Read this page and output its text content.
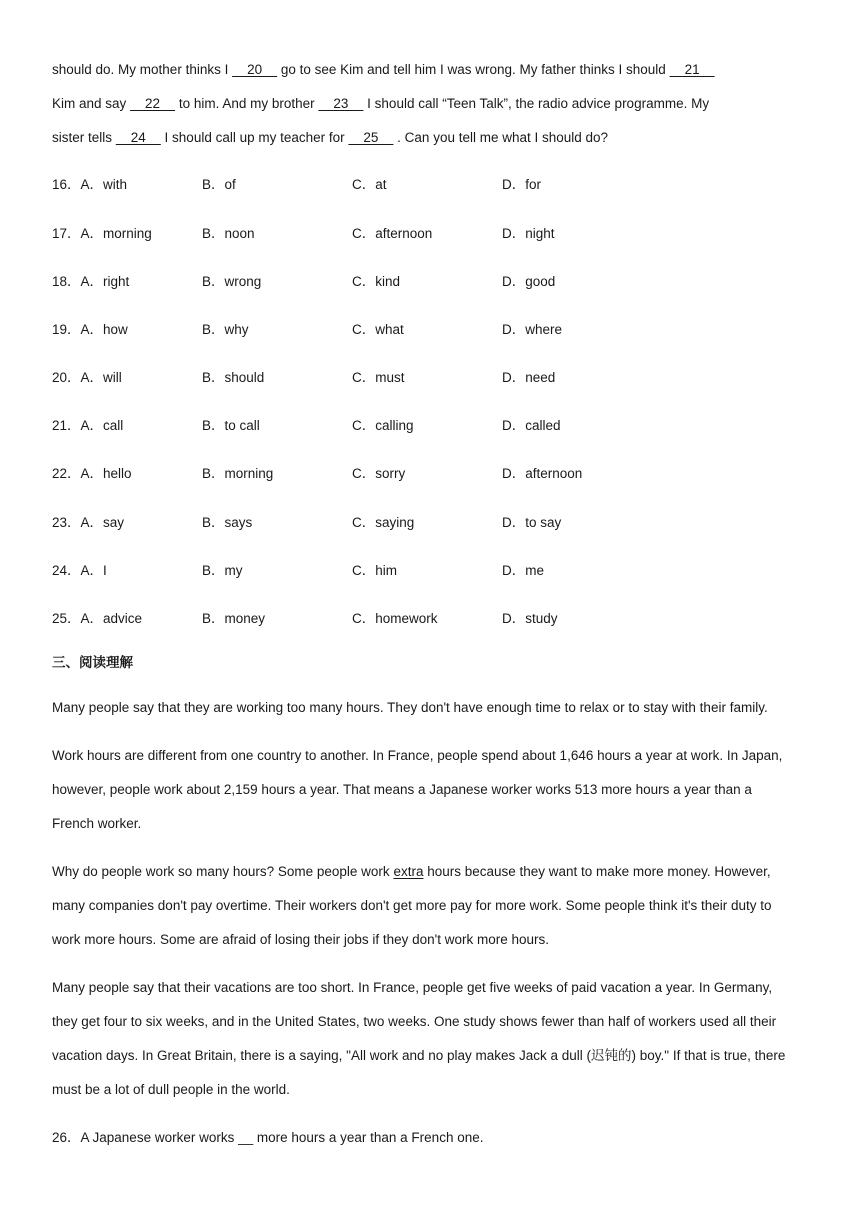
should do. My mother thinks I     20     go to see Kim and tell him I was wrong. My father thinks I should     21
Kim and say     22     to him. And my brother     23     I should call “Teen Talk”, the radio advice programme. My
sister tells     24     I should call up my teacher for     25     . Can you tell me what I should do?
16．A．with	B．of	C．at	D．for
17．A．morning	B．noon	C．afternoon	D．night
18．A．right	B．wrong	C．kind	D．good
19．A．how	B．why	C．what	D．where
20．A．will	B．should	C．must	D．need
21．A．call	B．to call	C．calling	D．called
22．A．hello	B．morning	C．sorry	D．afternoon
23．A．say	B．says	C．saying	D．to say
24．A．I	B．my	C．him	D．me
25．A．advice	B．money	C．homework	D．study
三、阅读理解
Many people say that they are working too many hours. They don't have enough time to relax or to stay with their family.
Work hours are different from one country to another. In France, people spend about 1,646 hours a year at work. In Japan,
however, people work about 2,159 hours a year. That means a Japanese worker works 513 more hours a year than a
French worker.
Why do people work so many hours? Some people work extra hours because they want to make more money. However,
many companies don't pay overtime. Their workers don't get more pay for more work. Some people think it's their duty to
work more hours. Some are afraid of losing their jobs if they don't work more hours.
Many people say that their vacations are too short. In France, people get five weeks of paid vacation a year. In Germany,
they get four to six weeks, and in the United States, two weeks. One study shows fewer than half of workers used all their
vacation days. In Great Britain, there is a saying, "All work and no play makes Jack a dull (迟钝的) boy." If that is true, there
must be a lot of dull people in the world.
26．A Japanese worker works __ more hours a year than a French one.
